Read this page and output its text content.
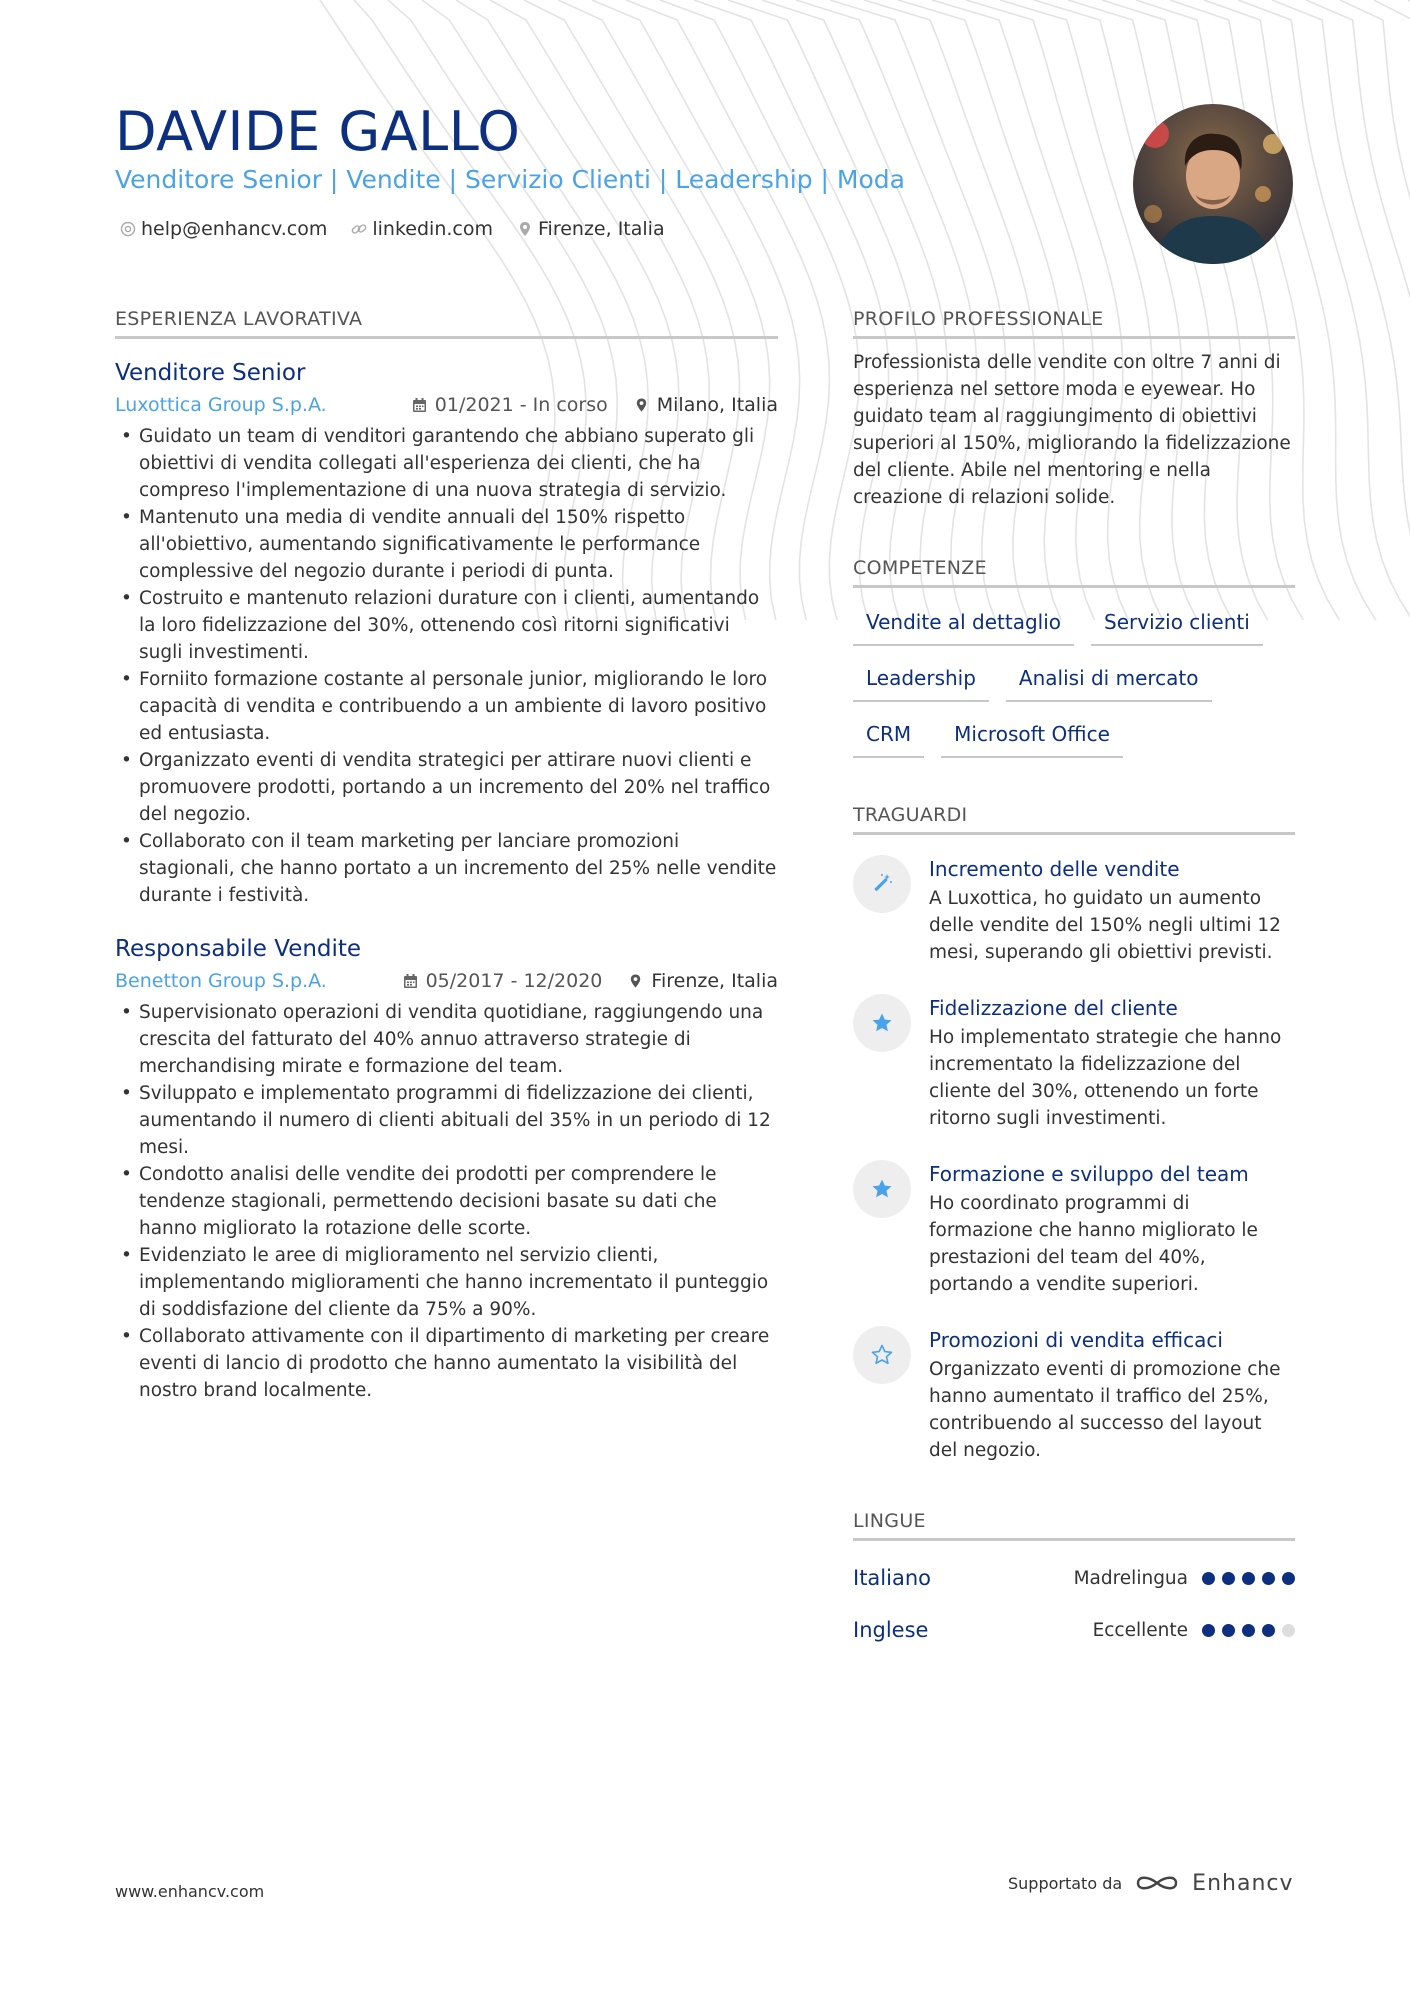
DAVIDE GALLO
Venditore Senior | Vendite | Servizio Clienti | Leadership | Moda
help@enhancv.com linkedin.com Firenze, Italia
ESPERIENZA LAVORATIVA
Venditore Senior
Luxottica Group S.p.A.	01/2021 - In corso	Milano, Italia
• Guidato un team di venditori garantendo che abbiano superato gli obiettivi di vendita collegati all'esperienza dei clienti, che ha compreso l'implementazione di una nuova strategia di servizio.
• Mantenuto una media di vendite annuali del 150% rispetto all'obiettivo, aumentando significativamente le performance complessive del negozio durante i periodi di punta.
• Costruito e mantenuto relazioni durature con i clienti, aumentando la loro fidelizzazione del 30%, ottenendo così ritorni significativi sugli investimenti.
• Forniito formazione costante al personale junior, migliorando le loro capacità di vendita e contribuendo a un ambiente di lavoro positivo ed entusiasta.
• Organizzato eventi di vendita strategici per attirare nuovi clienti e promuovere prodotti, portando a un incremento del 20% nel traffico del negozio.
• Collaborato con il team marketing per lanciare promozioni stagionali, che hanno portato a un incremento del 25% nelle vendite durante i festività.
Responsabile Vendite
Benetton Group S.p.A.	05/2017 - 12/2020	Firenze, Italia
• Supervisionato operazioni di vendita quotidiane, raggiungendo una crescita del fatturato del 40% annuo attraverso strategie di merchandising mirate e formazione del team.
• Sviluppato e implementato programmi di fidelizzazione dei clienti, aumentando il numero di clienti abituali del 35% in un periodo di 12 mesi.
• Condotto analisi delle vendite dei prodotti per comprendere le tendenze stagionali, permettendo decisioni basate su dati che hanno migliorato la rotazione delle scorte.
• Evidenziato le aree di miglioramento nel servizio clienti, implementando miglioramenti che hanno incrementato il punteggio di soddisfazione del cliente da 75% a 90%.
• Collaborato attivamente con il dipartimento di marketing per creare eventi di lancio di prodotto che hanno aumentato la visibilità del nostro brand localmente.
PROFILO PROFESSIONALE
Professionista delle vendite con oltre 7 anni di esperienza nel settore moda e eyewear. Ho guidato team al raggiungimento di obiettivi superiori al 150%, migliorando la fidelizzazione del cliente. Abile nel mentoring e nella creazione di relazioni solide.
COMPETENZE
Vendite al dettaglio	Servizio clienti
Leadership	Analisi di mercato
CRM	Microsoft Office
TRAGUARDI
Incremento delle vendite
A Luxottica, ho guidato un aumento delle vendite del 150% negli ultimi 12 mesi, superando gli obiettivi previsti.
Fidelizzazione del cliente
Ho implementato strategie che hanno incrementato la fidelizzazione del cliente del 30%, ottenendo un forte ritorno sugli investimenti.
Formazione e sviluppo del team
Ho coordinato programmi di formazione che hanno migliorato le prestazioni del team del 40%, portando a vendite superiori.
Promozioni di vendita efficaci
Organizzato eventi di promozione che hanno aumentato il traffico del 25%, contribuendo al successo del layout del negozio.
LINGUE
Italiano	Madrelingua
Inglese	Eccellente
www.enhancv.com	Supportato da	Enhancv
